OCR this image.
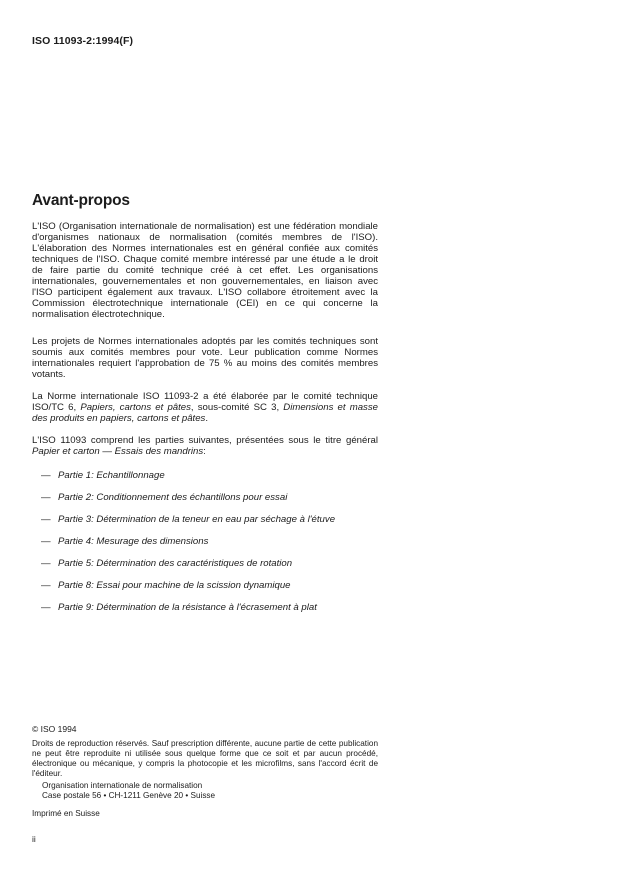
ISO 11093-2:1994(F)
Avant-propos

L'ISO (Organisation internationale de normalisation) est une fédération mondiale d'organismes nationaux de normalisation (comités membres de l'ISO). L'élaboration des Normes internationales est en général confiée aux comités techniques de l'ISO. Chaque comité membre intéressé par une étude a le droit de faire partie du comité technique créé à cet effet. Les organisations internationales, gouvernementales et non gouvernementales, en liaison avec l'ISO participent également aux travaux. L'ISO collabore étroitement avec la Commission électrotechnique internationale (CEI) en ce qui concerne la normalisation électrotechnique.

Les projets de Normes internationales adoptés par les comités techniques sont soumis aux comités membres pour vote. Leur publication comme Normes internationales requiert l'approbation de 75 % au moins des comités membres votants.

La Norme internationale ISO 11093-2 a été élaborée par le comité technique ISO/TC 6, Papiers, cartons et pâtes, sous-comité SC 3, Dimensions et masse des produits en papiers, cartons et pâtes.

L'ISO 11093 comprend les parties suivantes, présentées sous le titre général Papier et carton — Essais des mandrins:

— Partie 1: Echantillonnage
— Partie 2: Conditionnement des échantillons pour essai
— Partie 3: Détermination de la teneur en eau par séchage à l'étuve
— Partie 4: Mesurage des dimensions
— Partie 5: Détermination des caractéristiques de rotation
— Partie 8: Essai pour machine de la scission dynamique
— Partie 9: Détermination de la résistance à l'écrasement à plat
© ISO 1994

Droits de reproduction réservés. Sauf prescription différente, aucune partie de cette publication ne peut être reproduite ni utilisée sous quelque forme que ce soit et par aucun procédé, électronique ou mécanique, y compris la photocopie et les microfilms, sans l'accord écrit de l'éditeur.

Organisation internationale de normalisation
Case postale 56 • CH-1211 Genève 20 • Suisse
Imprimé en Suisse
ii
